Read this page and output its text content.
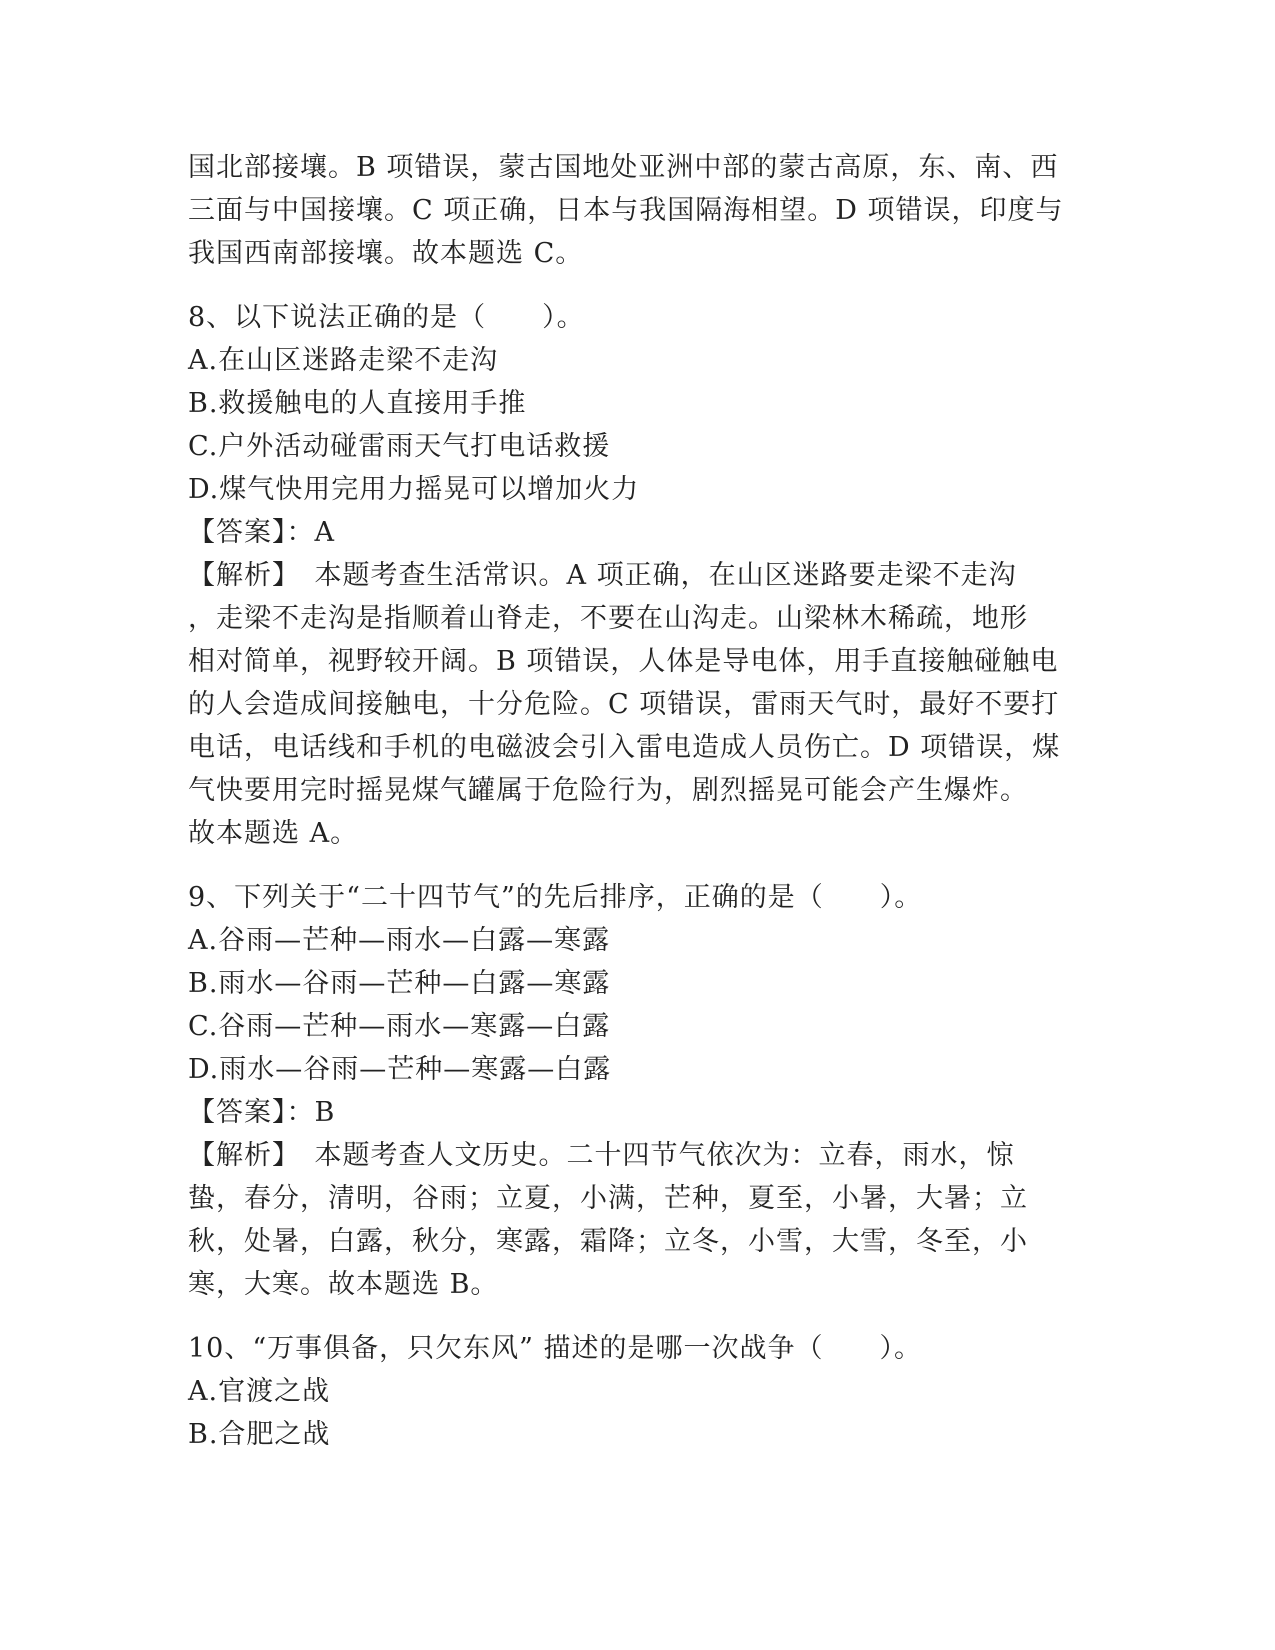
国北部接壤。B 项错误，蒙古国地处亚洲中部的蒙古高原，东、南、西
三面与中国接壤。C 项正确，日本与我国隔海相望。D 项错误，印度与
我国西南部接壤。故本题选 C。
8、以下说法正确的是（　　）。
A.在山区迷路走梁不走沟
B.救援触电的人直接用手推
C.户外活动碰雷雨天气打电话救援
D.煤气快用完用力摇晃可以增加火力
【答案】：A
【解析】　本题考查生活常识。A 项正确，在山区迷路要走梁不走沟
，走梁不走沟是指顺着山脊走，不要在山沟走。山梁林木稀疏，地形
相对简单，视野较开阔。B 项错误，人体是导电体，用手直接触碰触电
的人会造成间接触电，十分危险。C 项错误，雷雨天气时，最好不要打
电话，电话线和手机的电磁波会引入雷电造成人员伤亡。D 项错误，煤
气快要用完时摇晃煤气罐属于危险行为，剧烈摇晃可能会产生爆炸。
故本题选 A。
9、下列关于“二十四节气”的先后排序，正确的是（　　）。
A.谷雨—芒种—雨水—白露—寒露
B.雨水—谷雨—芒种—白露—寒露
C.谷雨—芒种—雨水—寒露—白露
D.雨水—谷雨—芒种—寒露—白露
【答案】：B
【解析】　本题考查人文历史。二十四节气依次为：立春，雨水，惊
蛰，春分，清明，谷雨；立夏，小满，芒种，夏至，小暑，大暑；立
秋，处暑，白露，秋分，寒露，霜降；立冬，小雪，大雪，冬至，小
寒，大寒。故本题选 B。
10、“万事俱备，只欠东风” 描述的是哪一次战争（　　）。
A.官渡之战
B.合肥之战
